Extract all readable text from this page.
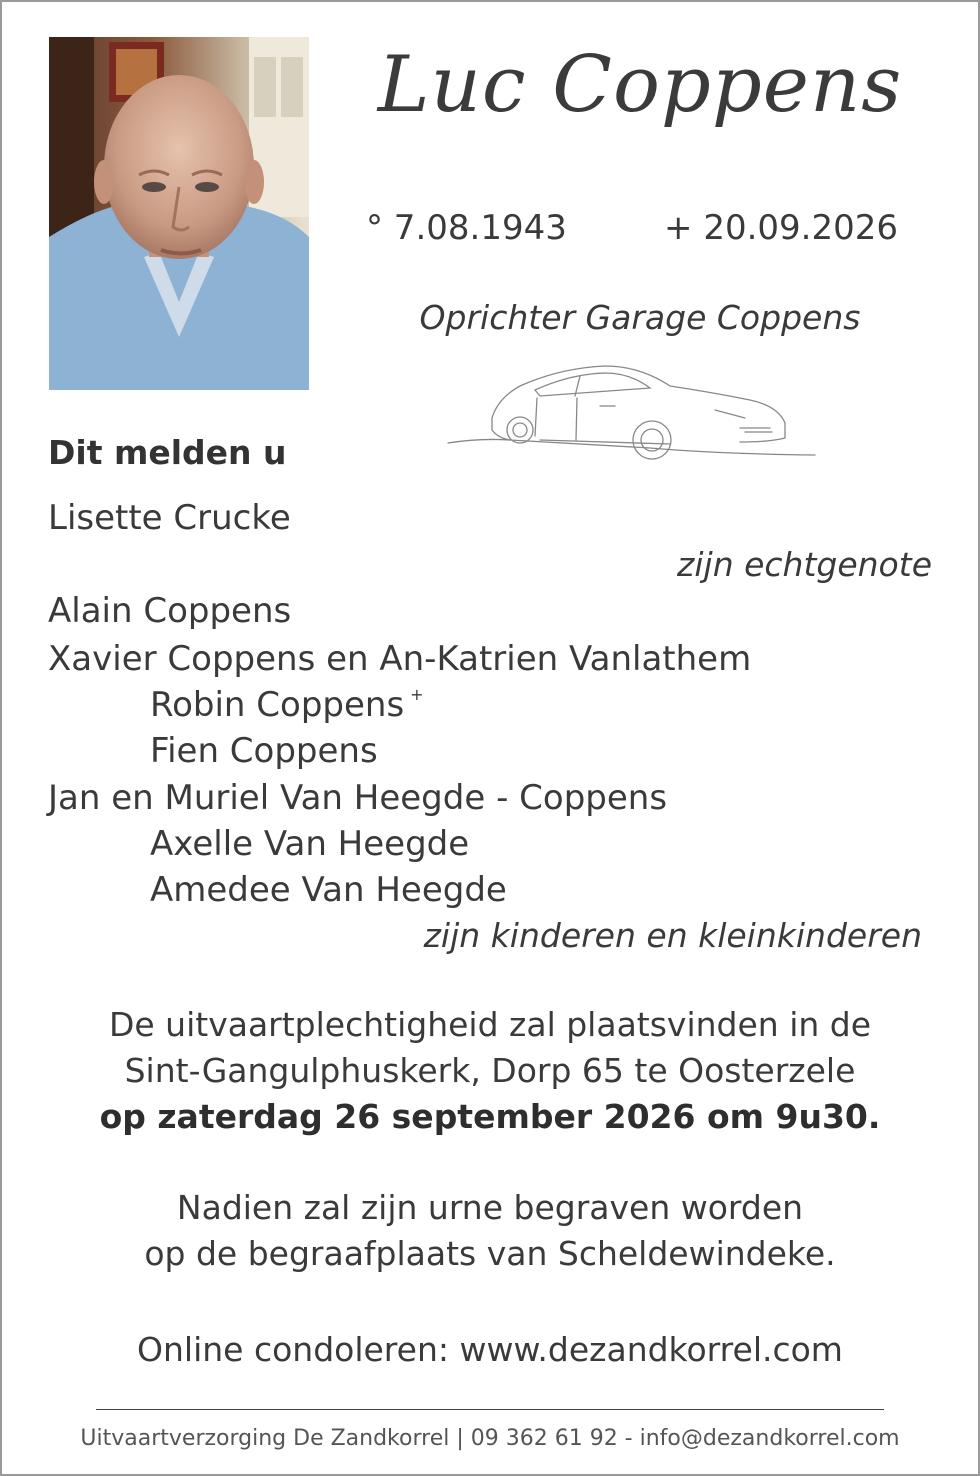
Luc Coppens
° 7.08.1943	+ 20.09.2026
Oprichter Garage Coppens
Dit melden u
Lisette Crucke
zijn echtgenote
Alain Coppens
Xavier Coppens en An-Katrien Vanlathem
Robin Coppens +
Fien Coppens
Jan en Muriel Van Heegde - Coppens
Axelle Van Heegde
Amedee Van Heegde
zijn kinderen en kleinkinderen
De uitvaartplechtigheid zal plaatsvinden in de
Sint-Gangulphuskerk, Dorp 65 te Oosterzele
op zaterdag 26 september 2026 om 9u30.
Nadien zal zijn urne begraven worden
op de begraafplaats van Scheldewindeke.
Online condoleren: www.dezandkorrel.com
Uitvaartverzorging De Zandkorrel | 09 362 61 92 - info@dezandkorrel.com
